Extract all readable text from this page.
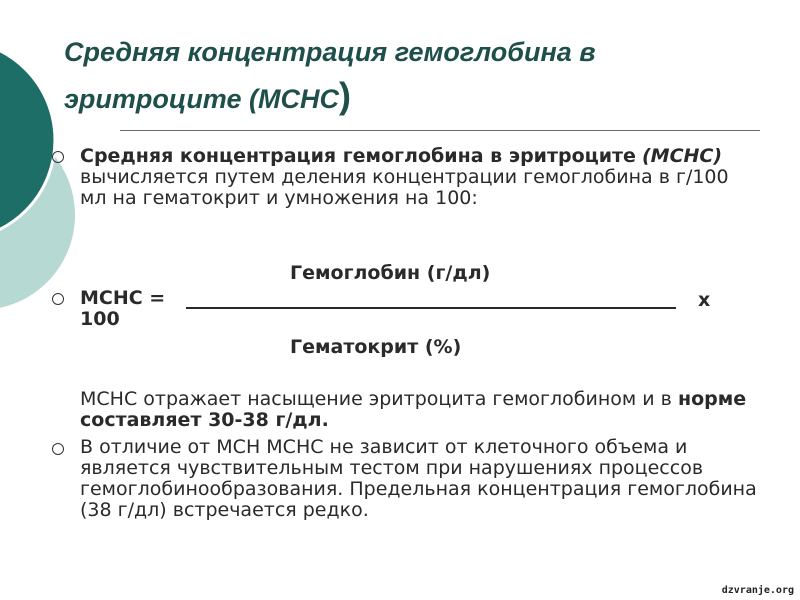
Средняя концентрация гемоглобина в
эритроците (MCHC)
Средняя концентрация гемоглобина в эритроците (MCHC) вычисляется путем деления концентрации гемоглобина в г/100 мл на гематокрит и умножения на 100:
Гемоглобин (г/дл)
MCHC =	x
100
Гематокрит (%)
MCHC отражает насыщение эритроцита гемоглобином и в норме составляет 30-38 г/дл.
В отличие от MCH MCHC не зависит от клеточного объема и является чувствительным тестом при нарушениях процессов гемоглобинообразования. Предельная концентрация гемоглобина (38 г/дл) встречается редко.
dzvranje.org
